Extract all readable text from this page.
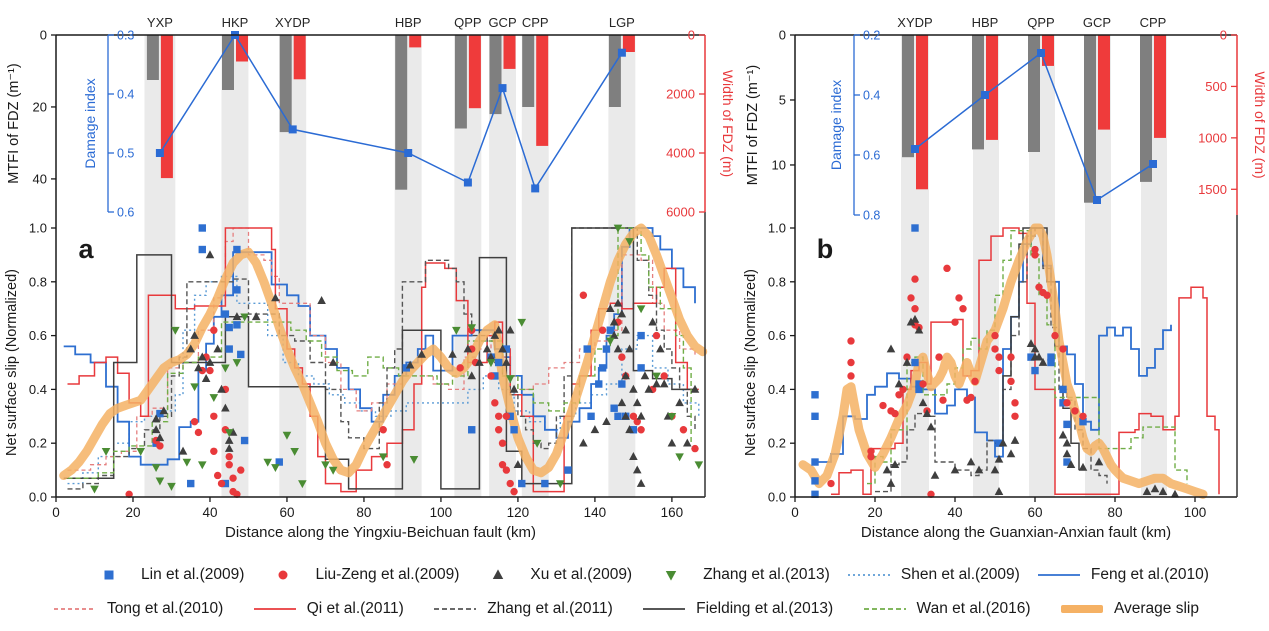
0	20	40	60	80	100	120	140	160
Distance along the Yingxiu-Beichuan fault (km)
0.0
0.2
0.4
0.6
0.8
1.0
Net surface slip (Normalized)
0
20
40
MTFI of FDZ (m⁻¹)
0.3
0.4
0.5
0.6
Damage index
0
2000
4000
6000
Width of FDZ (m)
YXP	HKP XYDP	HBP	QPP GCP CPP	LGP
a
0	20	40	60	80	100
Distance along the Guanxian-Anxian fault (km)
0.0
0.2
0.4
0.6
0.8
1.0
Net surface slip (Normalized)
0
5
10
MTFI of FDZ (m⁻¹)
0.2
0.4
0.6
0.8
Damage index
0
500
1000
1500
Width of FDZ (m)
XYDP	HBP QPP GCP CPP
b
Lin et al.(2009)	Liu-Zeng et al.(2009)	Xu et al.(2009)	Zhang et al.(2013)	Shen et al.(2009)	Feng et al.(2010)
Tong et al.(2010)	Qi et al.(2011)	Zhang et al.(2011)	Fielding et al.(2013)	Wan et al.(2016)	Average slip
